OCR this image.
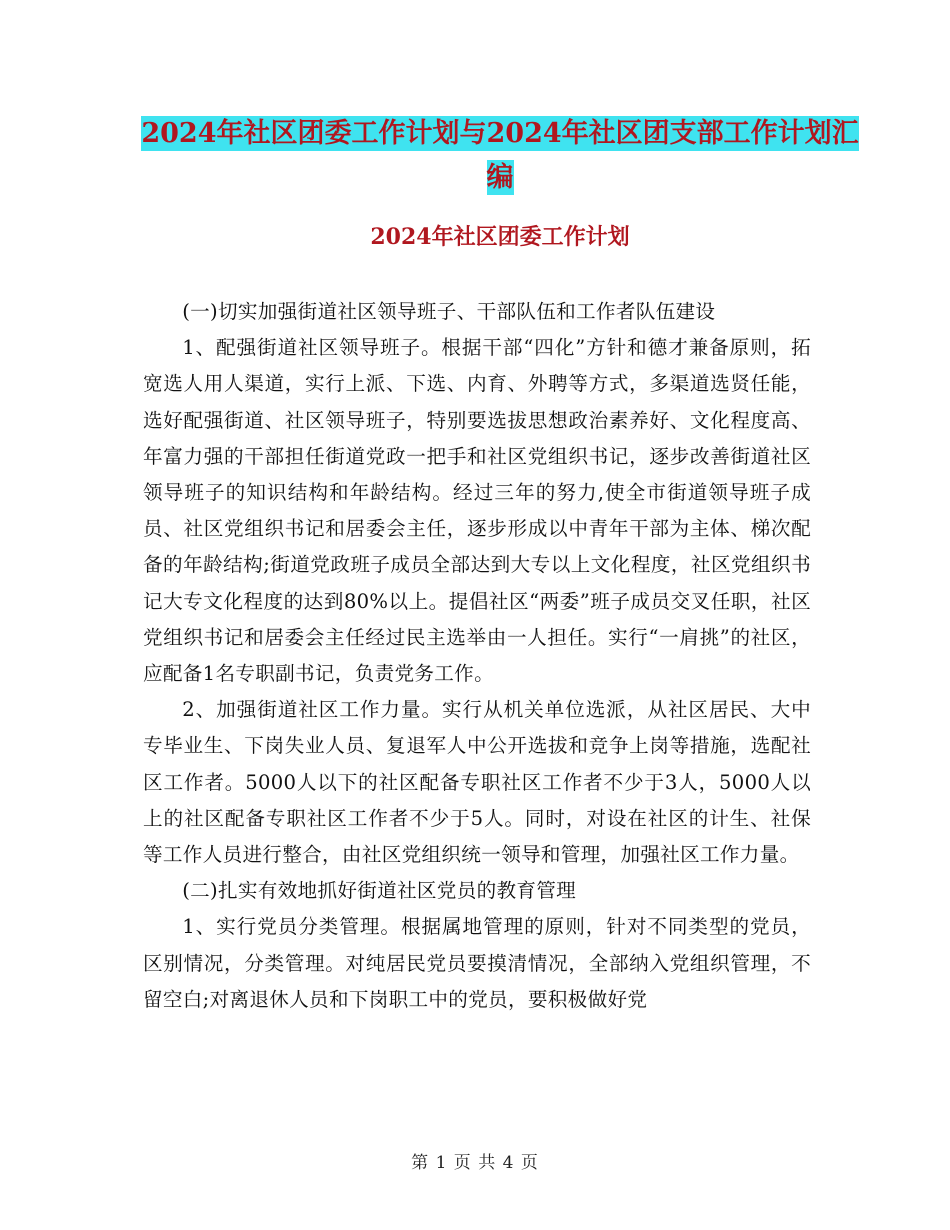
2024年社区团委工作计划与2024年社区团支部工作计划汇编
2024年社区团委工作计划

(一)切实加强街道社区领导班子、干部队伍和工作者队伍建设

1、配强街道社区领导班子。根据干部“四化”方针和德才兼备原则，拓宽选人用人渠道，实行上派、下选、内育、外聘等方式，多渠道选贤任能，选好配强街道、社区领导班子，特别要选拔思想政治素养好、文化程度高、年富力强的干部担任街道党政一把手和社区党组织书记，逐步改善街道社区领导班子的知识结构和年龄结构。经过三年的努力,使全市街道领导班子成员、社区党组织书记和居委会主任，逐步形成以中青年干部为主体、梯次配备的年龄结构;街道党政班子成员全部达到大专以上文化程度，社区党组织书记大专文化程度的达到80%以上。提倡社区“两委”班子成员交叉任职，社区党组织书记和居委会主任经过民主选举由一人担任。实行“一肩挑”的社区，应配备1名专职副书记，负责党务工作。

2、加强街道社区工作力量。实行从机关单位选派，从社区居民、大中专毕业生、下岗失业人员、复退军人中公开选拔和竞争上岗等措施，选配社区工作者。5000人以下的社区配备专职社区工作者不少于3人，5000人以上的社区配备专职社区工作者不少于5人。同时，对设在社区的计生、社保等工作人员进行整合，由社区党组织统一领导和管理，加强社区工作力量。

(二)扎实有效地抓好街道社区党员的教育管理

1、实行党员分类管理。根据属地管理的原则，针对不同类型的党员，区别情况，分类管理。对纯居民党员要摸清情况，全部纳入党组织管理，不留空白;对离退休人员和下岗职工中的党员，要积极做好党

第 1 页 共 4 页
